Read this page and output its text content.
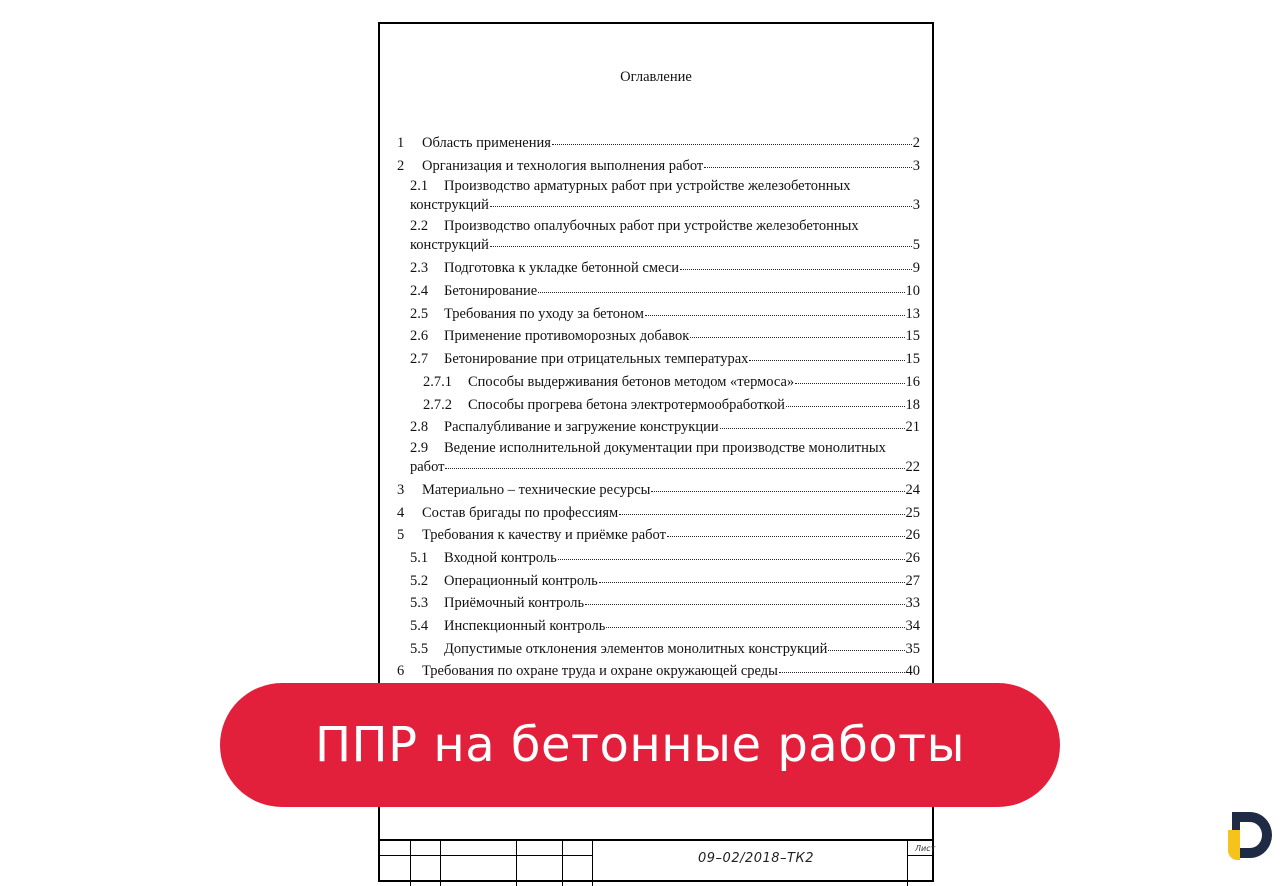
Оглавление
1	Область применения	2
2	Организация и технология выполнения работ	3
2.1 Производство арматурных работ при устройстве железобетонных
конструкций	3
2.2 Производство опалубочных работ при устройстве железобетонных
конструкций	5
2.3	Подготовка к укладке бетонной смеси	9
2.4	Бетонирование	10
2.5	Требования по уходу за бетоном	13
2.6	Применение противоморозных добавок	15
2.7	Бетонирование при отрицательных температурах	15
2.7.1	Способы выдерживания бетонов методом «термоса»	16
2.7.2	Способы прогрева бетона электротермообработкой	18
2.8	Распалубливание и загружение конструкции	21
2.9 Ведение исполнительной документации при производстве монолитных
работ	22
3	Материально – технические ресурсы	24
4	Состав бригады по профессиям	25
5	Требования к качеству и приёмке работ	26
5.1	Входной контроль	26
5.2	Операционный контроль	27
5.3	Приёмочный контроль	33
5.4	Инспекционный контроль	34
5.5	Допустимые отклонения элементов монолитных конструкций	35
6	Требования по охране труда и охране окружающей среды	40
09–02/2018–ТК2
Лист
ППР на бетонные работы
